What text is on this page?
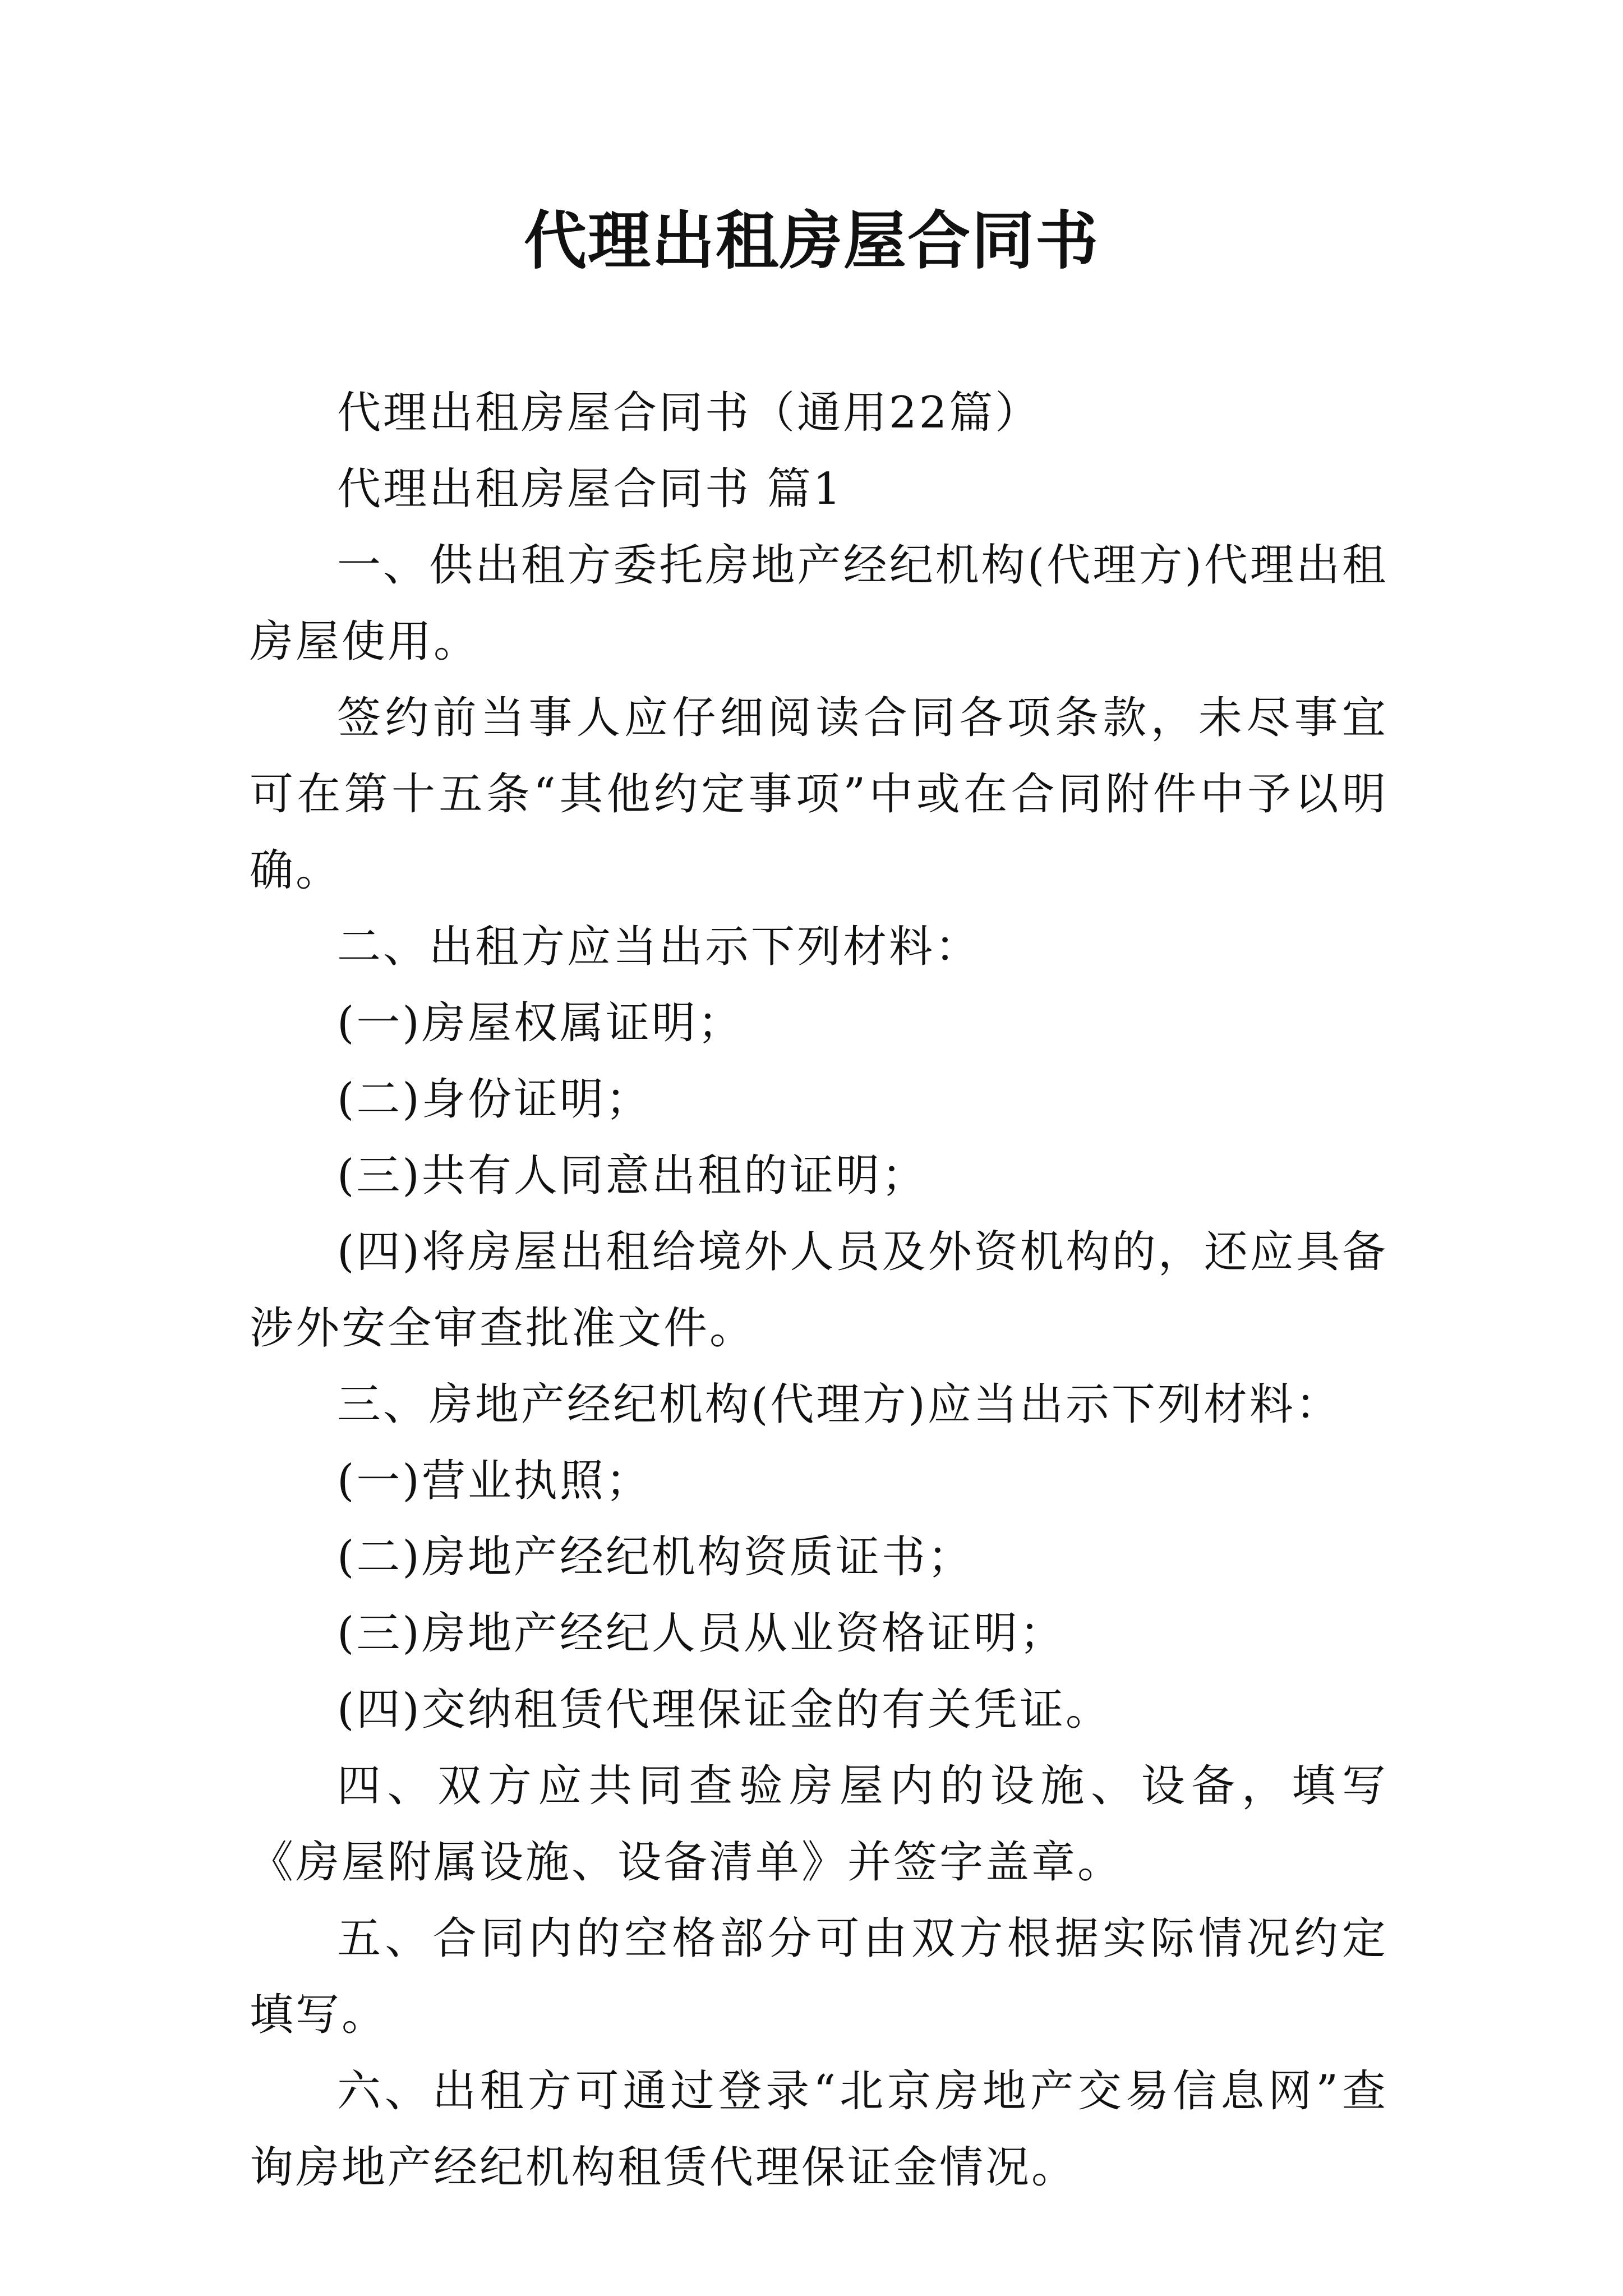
代理出租房屋合同书

代理出租房屋合同书（通用22篇）

代理出租房屋合同书 篇1

一、供出租方委托房地产经纪机构(代理方)代理出租房屋使用。

签约前当事人应仔细阅读合同各项条款，未尽事宜可在第十五条“其他约定事项”中或在合同附件中予以明确。

二、出租方应当出示下列材料：

(一)房屋权属证明；

(二)身份证明；

(三)共有人同意出租的证明；

(四)将房屋出租给境外人员及外资机构的，还应具备涉外安全审查批准文件。

三、房地产经纪机构(代理方)应当出示下列材料：

(一)营业执照；

(二)房地产经纪机构资质证书；

(三)房地产经纪人员从业资格证明；

(四)交纳租赁代理保证金的有关凭证。

四、双方应共同查验房屋内的设施、设备，填写《房屋附属设施、设备清单》并签字盖章。

五、合同内的空格部分可由双方根据实际情况约定填写。

六、出租方可通过登录“北京房地产交易信息网”查询房地产经纪机构租赁代理保证金情况。
